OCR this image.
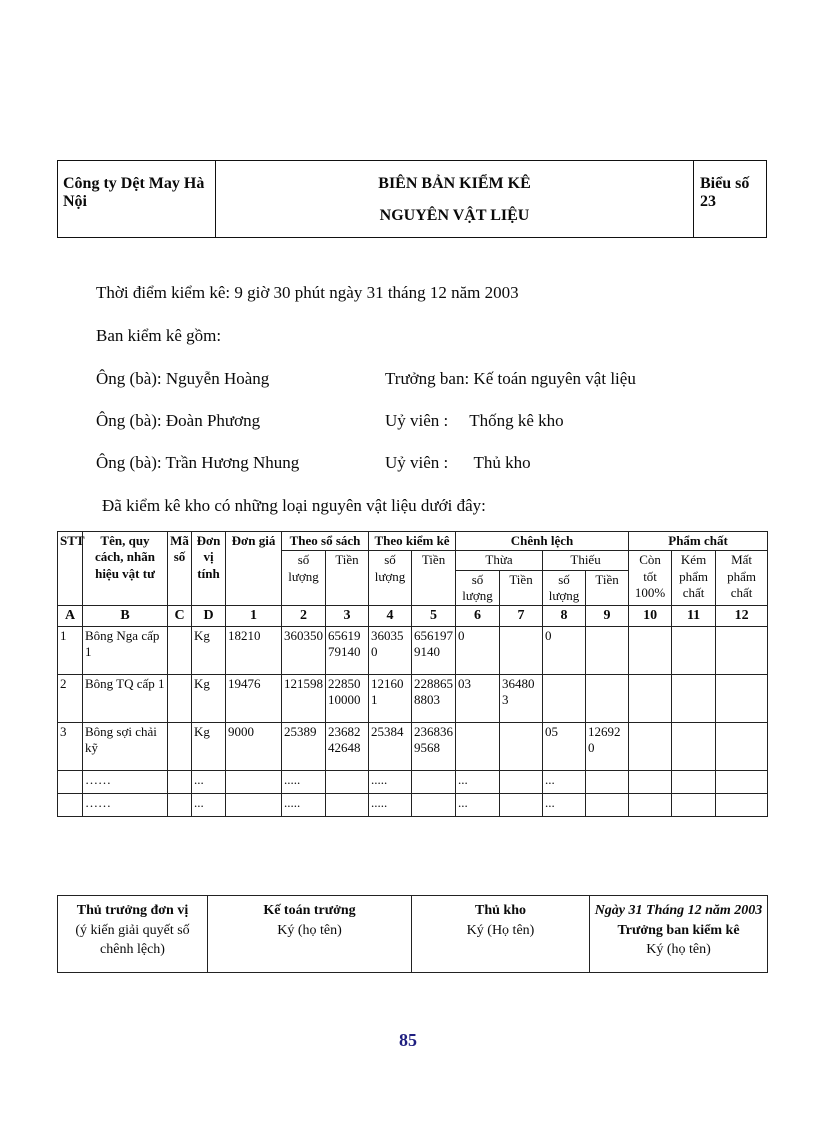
Công ty Dệt May Hà Nội
BIÊN BẢN KIỂM KÊ
NGUYÊN VẬT LIỆU
Biểu số 23
Thời điểm kiểm kê: 9 giờ 30 phút ngày 31 tháng 12 năm 2003
Ban kiểm kê gồm:
Ông (bà): Nguyễn Hoàng	Trưởng ban: Kế toán nguyên vật liệu
Ông (bà): Đoàn Phương	Uỷ viên :     Thống kê kho
Ông (bà): Trần Hương Nhung	Uỷ viên :      Thủ kho
Đã kiểm kê kho có những loại nguyên vật liệu dưới đây:
STT	Tên, quy cách, nhãn hiệu vật tư	Mã số	Đơn vị tính	Đơn giá	Theo sổ sách		Theo kiểm kê		Chênh lệch				Phẩm chất		
					số lượng	Tiền	số lượng	Tiền	Thừa		Thiếu		Còn tốt 100%	Kém phẩm chất	Mất phẩm chất
									số lượng	Tiền	số lượng	Tiền			
A	B	C	D	1	2	3	4	5	6	7	8	9	10	11	12
1	Bông Nga cấp 1		Kg	18210	360350	6561979140	360350	6561979140	0		0				
2	Bông TQ cấp 1		Kg	19476	121598	2285010000	121601	2288658803	03	364803					
3	Bông sợi chải kỹ		Kg	9000	25389	2368242648	25384	2368369568			05	126920			
	……		...		.....		.....		...		...				
	……		...		.....		.....		...		...				
Thủ trưởng đơn vị
(ý kiến giải quyết số chênh lệch)

Kế toán trưởng
Ký (họ tên)

Thủ kho
Ký (Họ tên)

Ngày 31 Tháng 12 năm 2003
Trưởng ban kiểm kê
Ký (họ tên)
85
